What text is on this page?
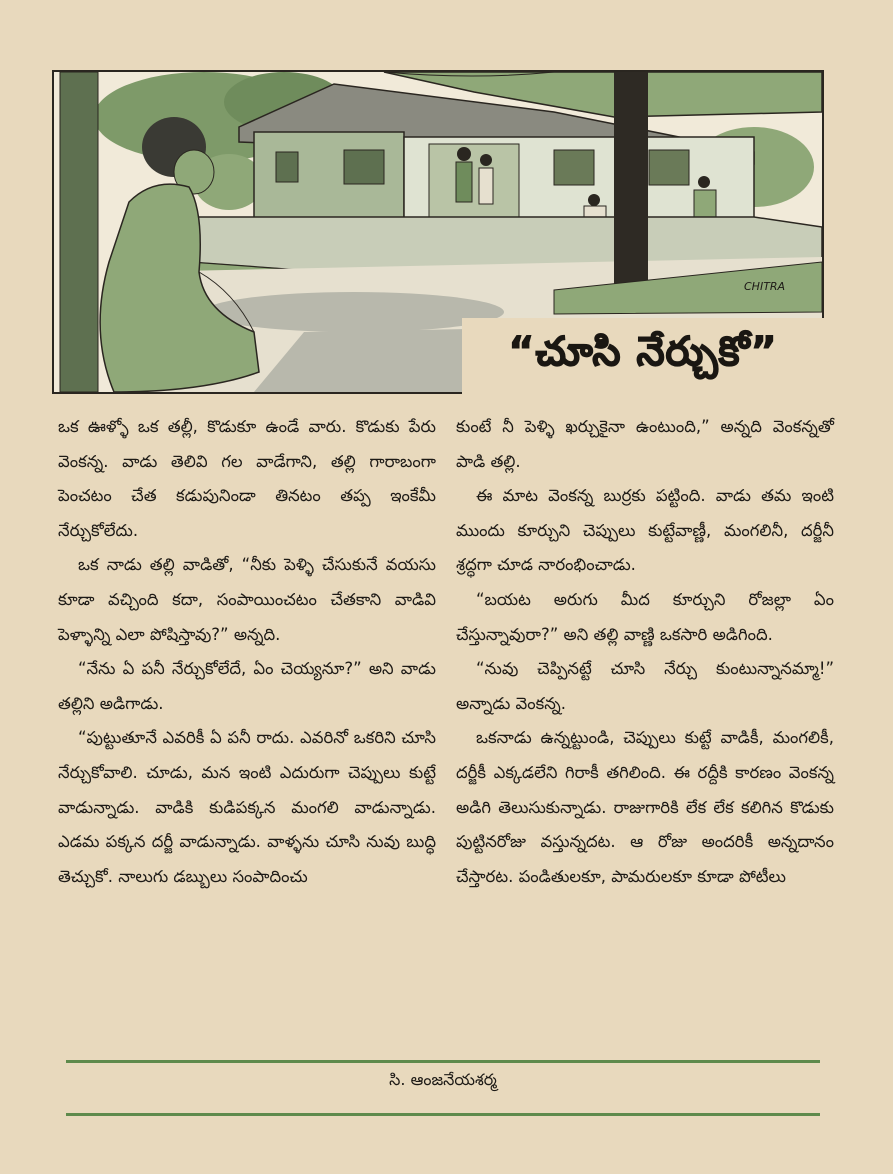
CHITRA
“చూసి నేర్చుకో”

ఒక ఊళ్ళో ఒక తల్లీ, కొడుకూ ఉండే వారు. కొడుకు పేరు వెంకన్న. వాడు తెలివి గల వాడేగాని, తల్లి గారాబంగా పెంచటం చేత కడుపునిండా తినటం తప్ప ఇంకేమీ నేర్చుకోలేదు.

ఒక నాడు తల్లి వాడితో, “నీకు పెళ్ళి చేసుకునే వయసు కూడా వచ్చింది కదా, సంపాయించటం చేతకాని వాడివి పెళ్ళాన్ని ఎలా పోషిస్తావు?” అన్నది.

“నేను ఏ పనీ నేర్చుకోలేదే, ఏం చెయ్యనూ?” అని వాడు తల్లిని అడిగాడు.

“పుట్టుతూనే ఎవరికీ ఏ పనీ రాదు. ఎవరినో ఒకరిని చూసి నేర్చుకోవాలి. చూడు, మన ఇంటి ఎదురుగా చెప్పులు కుట్టే వాడున్నాడు. వాడికి కుడిపక్కన మంగలి వాడున్నాడు. ఎడమ పక్కన దర్జీ వాడున్నాడు. వాళ్ళను చూసి నువు బుద్ధి తెచ్చుకో. నాలుగు డబ్బులు సంపాదించు

కుంటే నీ పెళ్ళి ఖర్చుకైనా ఉంటుంది,” అన్నది వెంకన్నతో పాడి తల్లి.

ఈ మాట వెంకన్న బుర్రకు పట్టింది. వాడు తమ ఇంటి ముందు కూర్చుని చెప్పులు కుట్టేవాణ్ణీ, మంగలినీ, దర్జీనీ శ్రద్ధగా చూడ నారంభించాడు.

“బయట అరుగు మీద కూర్చుని రోజల్లా ఏం చేస్తున్నావురా?” అని తల్లి వాణ్ణి ఒకసారి అడిగింది.

“నువు చెప్పినట్టే చూసి నేర్చు కుంటున్నానమ్మా!” అన్నాడు వెంకన్న.

ఒకనాడు ఉన్నట్టుండి, చెప్పులు కుట్టే వాడికీ, మంగలికీ, దర్జీకీ ఎక్కడలేని గిరాకీ తగిలింది. ఈ రద్దీకి కారణం వెంకన్న అడిగి తెలుసుకున్నాడు. రాజుగారికి లేక లేక కలిగిన కొడుకు పుట్టినరోజు వస్తున్నదట. ఆ రోజు అందరికీ అన్నదానం చేస్తారట. పండితులకూ, పామరులకూ కూడా పోటీలు

సి. ఆంజనేయశర్మ
